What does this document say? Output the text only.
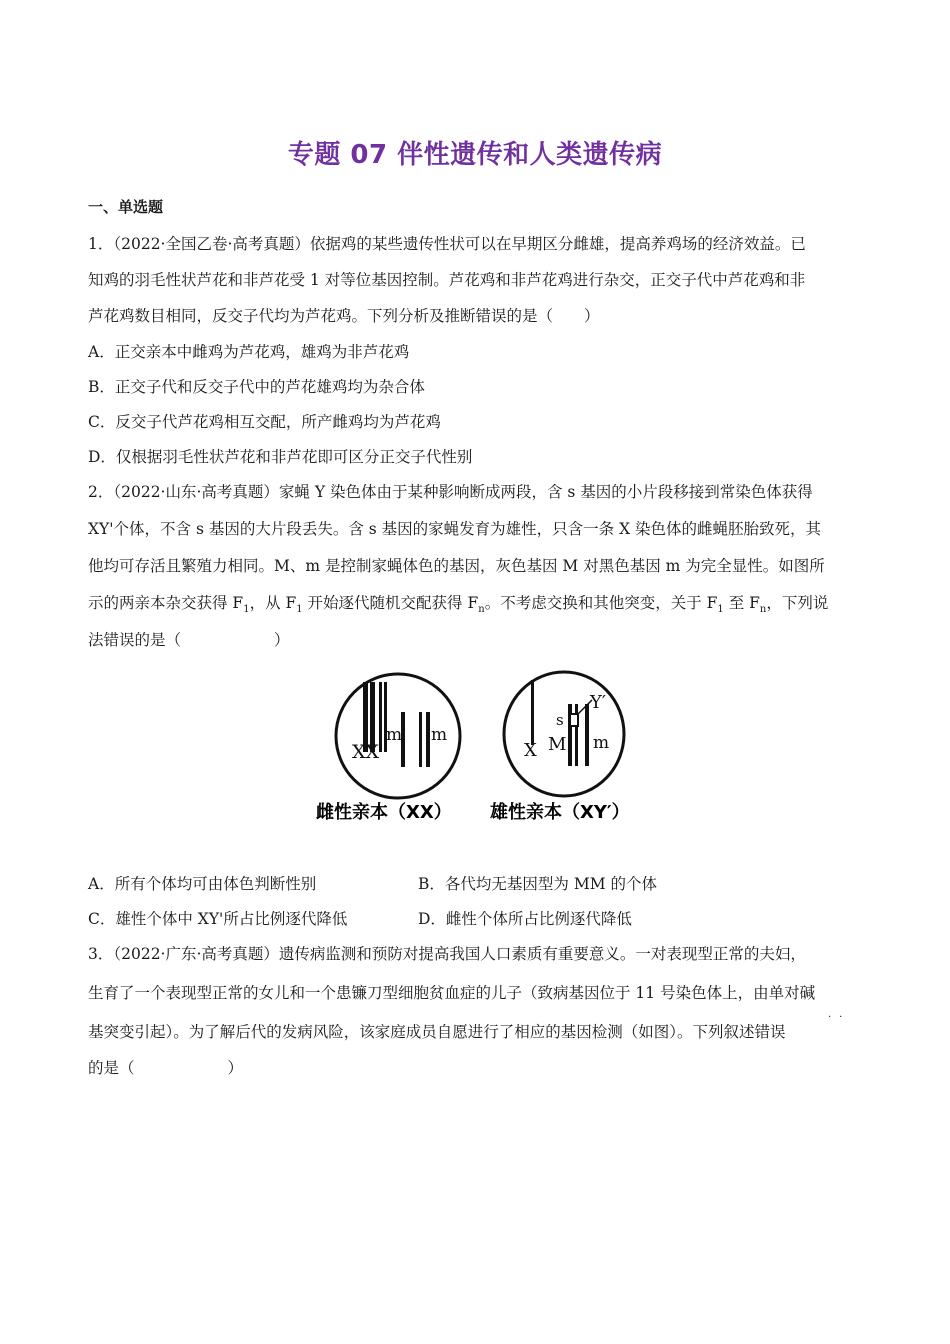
专题 07 伴性遗传和人类遗传病
一、单选题
1．（2022·全国乙卷·高考真题）依据鸡的某些遗传性状可以在早期区分雌雄，提高养鸡场的经济效益。已
知鸡的羽毛性状芦花和非芦花受 1 对等位基因控制。芦花鸡和非芦花鸡进行杂交，正交子代中芦花鸡和非
芦花鸡数目相同，反交子代均为芦花鸡。下列分析及推断错误的是（　　）
A．正交亲本中雌鸡为芦花鸡，雄鸡为非芦花鸡
B．正交子代和反交子代中的芦花雄鸡均为杂合体
C．反交子代芦花鸡相互交配，所产雌鸡均为芦花鸡
D．仅根据羽毛性状芦花和非芦花即可区分正交子代性别
2．（2022·山东·高考真题）家蝇 Y 染色体由于某种影响断成两段，含 s 基因的小片段移接到常染色体获得
XY'个体，不含 s 基因的大片段丢失。含 s 基因的家蝇发育为雄性，只含一条 X 染色体的雌蝇胚胎致死，其
他均可存活且繁殖力相同。M、m 是控制家蝇体色的基因，灰色基因 M 对黑色基因 m 为完全显性。如图所
示的两亲本杂交获得 $F_1$，从 $F_1$ 开始逐代随机交配获得 $F_n$。不考虑交换和其他突变，关于 $F_1$ 至 $F_n$，下列说
法错误的是（　　　　　　）
XX
m m
X M
s
Y′
m
雌性亲本（XX） 雄性亲本（XY′）
A．所有个体均可由体色判断性别	B．各代均无基因型为 MM 的个体
C．雄性个体中 XY'所占比例逐代降低	D．雌性个体所占比例逐代降低
3．（2022·广东·高考真题）遗传病监测和预防对提高我国人口素质有重要意义。一对表现型正常的夫妇，
生育了一个表现型正常的女儿和一个患镰刀型细胞贫血症的儿子（致病基因位于 11 号染色体上，由单对碱
基突变引起）。为了解后代的发病风险，该家庭成员自愿进行了相应的基因检测（如图）。下列叙述错误
的是（　　　　　　）
··
